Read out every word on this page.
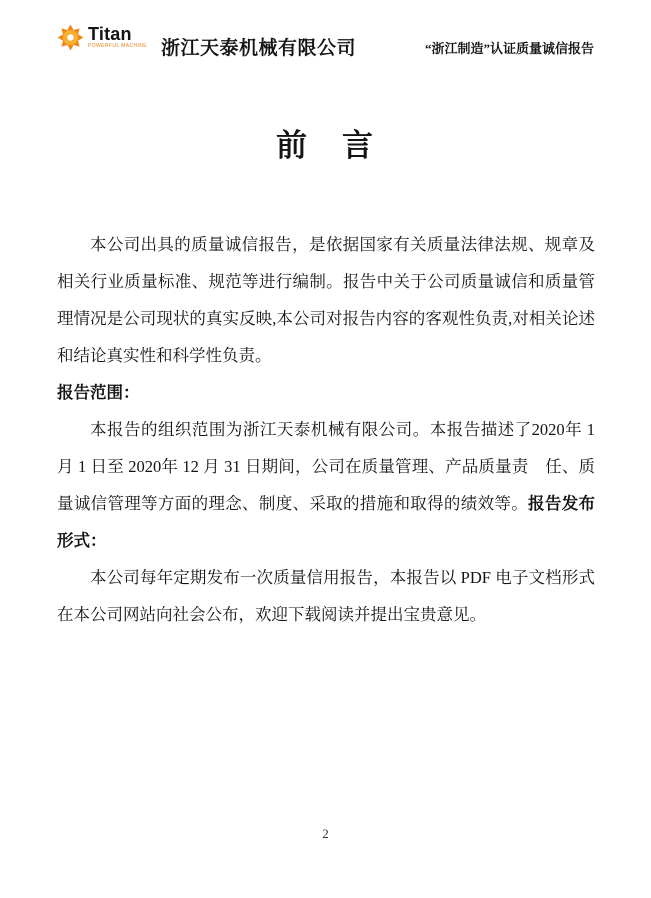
Titan
POWERFUL MACHINE 浙江天泰机械有限公司	“浙江制造”认证质量诚信报告
前　言

本公司出具的质量诚信报告，是依据国家有关质量法律法规、规章及相关行业质量标准、规范等进行编制。报告中关于公司质量诚信和质量管理情况是公司现状的真实反映,本公司对报告内容的客观性负责,对相关论述和结论真实性和科学性负责。

报告范围：

本报告的组织范围为浙江天泰机械有限公司。本报告描述了2020年 1 月 1 日至 2020年 12 月 31 日期间，公司在质量管理、产品质量责　任、质量诚信管理等方面的理念、制度、采取的措施和取得的绩效等。报告发布形式：

本公司每年定期发布一次质量信用报告，本报告以 PDF 电子文档形式在本公司网站向社会公布，欢迎下载阅读并提出宝贵意见。

2
